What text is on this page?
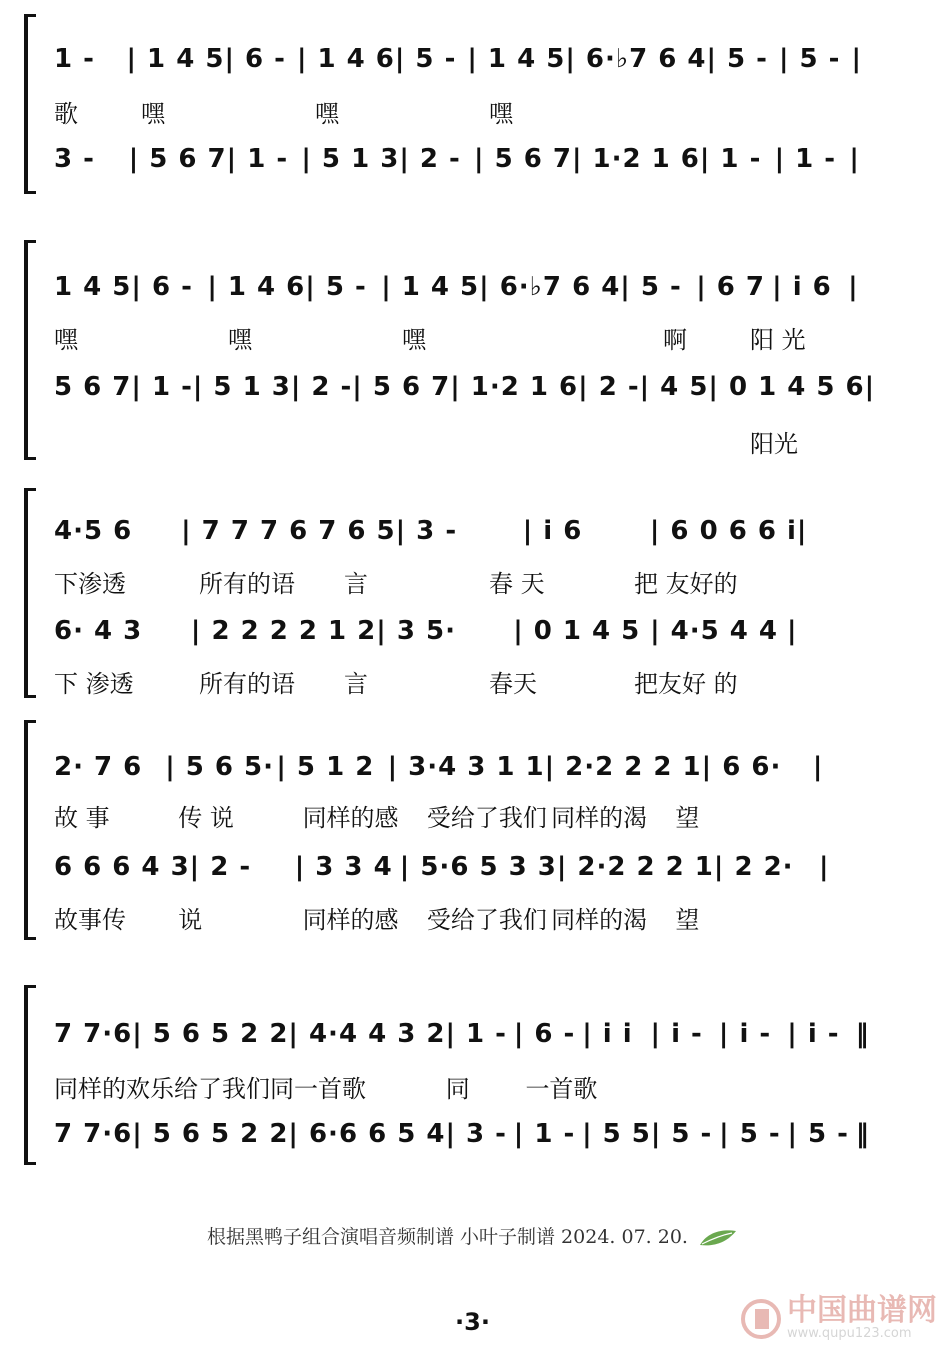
1 -	| 1 4 5 | 6 - | 1 4 6 | 5 - | 1 4 5 | 6·♭7 6 4 | 5 - | 5 - |
歌	嘿	嘿	嘿
3 -	| 5 6 7 | 1 - | 5 1 3 | 2 - | 5 6 7 | 1·2 1 6 | 1 - | 1 - |
1 4 5 | 6 - | 1 4 6 | 5 - | 1 4 5 | 6·♭7 6 4 | 5 - | 6 7 | i 6 |
嘿	嘿	嘿	啊	阳 光
5 6 7 | 1 - | 5 1 3 | 2 - | 5 6 7 | 1·2 1 6 | 2 - | 4 5 | 0 1 4 5 6 |
阳光
4·5 6	| 7 7 7 6 7 6 5 | 3 -	| i 6	| 6 0 6 6 i |
下渗透	所有的语	言	春 天	把 友好的
6· 4 3	| 2 2 2 2 1 2 | 3 5·	| 0 1 4 5 | 4·5 4 4 |
下 渗透	所有的语	言	春天	把友好 的
2· 7 6 | 5 6 5· | 5 1 2 | 3·4 3 1 1 | 2·2 2 2 1 | 6 6·	|
故 事	传 说	同样的感	受给了我们 同样的渴	望
6 6 6 4 3 | 2 -	| 3 3 4 | 5·6 5 3 3 | 2·2 2 2 1 | 2 2· |
故事传	说	同样的感	受给了我们 同样的渴	望
7 7·6 | 5 6 5 2 2 | 4·4 4 3 2 | 1 - | 6 - | i i | i - | i - | i - ‖
同样的欢 乐给了我们 同一首歌	同	一首歌
7 7·6 | 5 6 5 2 2 | 6·6 6 5 4 | 3 - | 1 - | 5 5 | 5 - | 5 - | 5 - ‖
根据黑鸭子组合演唱音频制谱 小叶子制谱 2024. 07. 20.
·3·	中国曲谱网
www.qupu123.com
